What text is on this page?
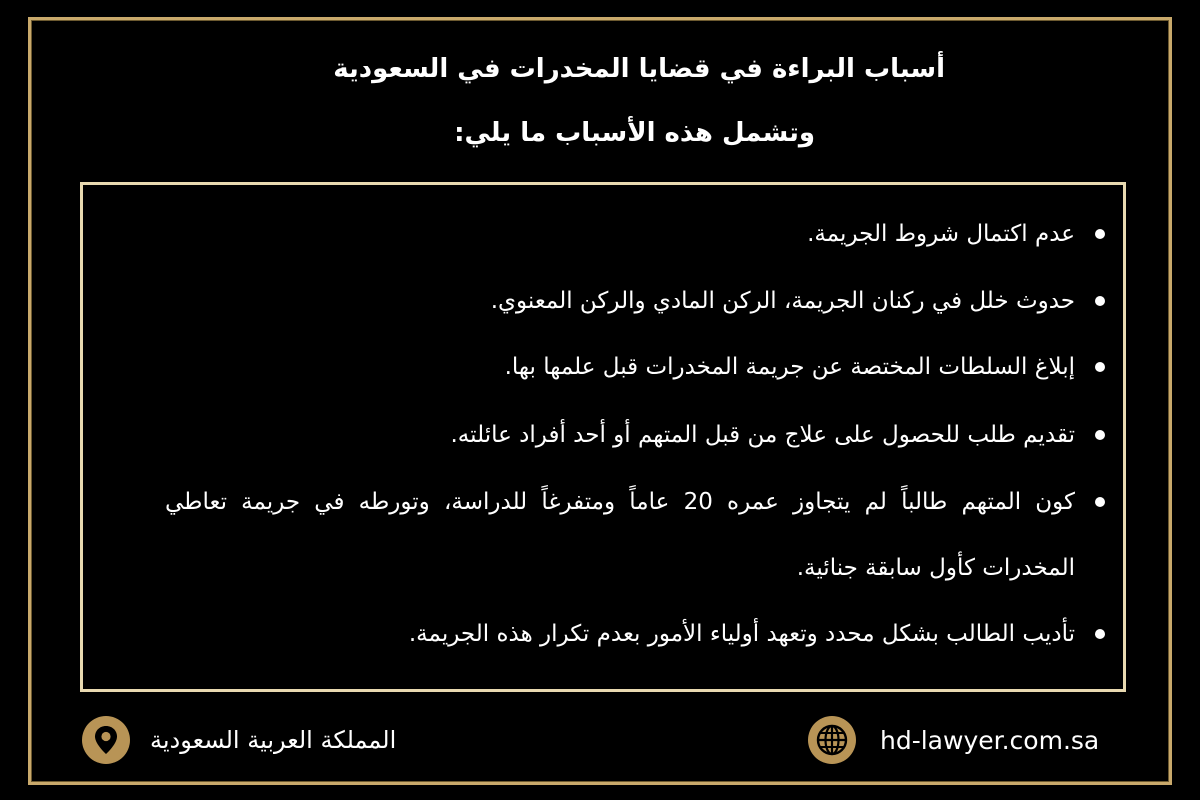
أسباب البراءة في قضايا المخدرات في السعودية
وتشمل هذه الأسباب ما يلي:
عدم اكتمال شروط الجريمة.
حدوث خلل في ركنان الجريمة، الركن المادي والركن المعنوي.
إبلاغ السلطات المختصة عن جريمة المخدرات قبل علمها بها.
تقديم طلب للحصول على علاج من قبل المتهم أو أحد أفراد عائلته.
كون المتهم طالباً لم يتجاوز عمره 20 عاماً ومتفرغاً للدراسة، وتورطه في جريمة تعاطي المخدرات كأول سابقة جنائية.
تأديب الطالب بشكل محدد وتعهد أولياء الأمور بعدم تكرار هذه الجريمة.
المملكة العربية السعودية	hd-lawyer.com.sa
